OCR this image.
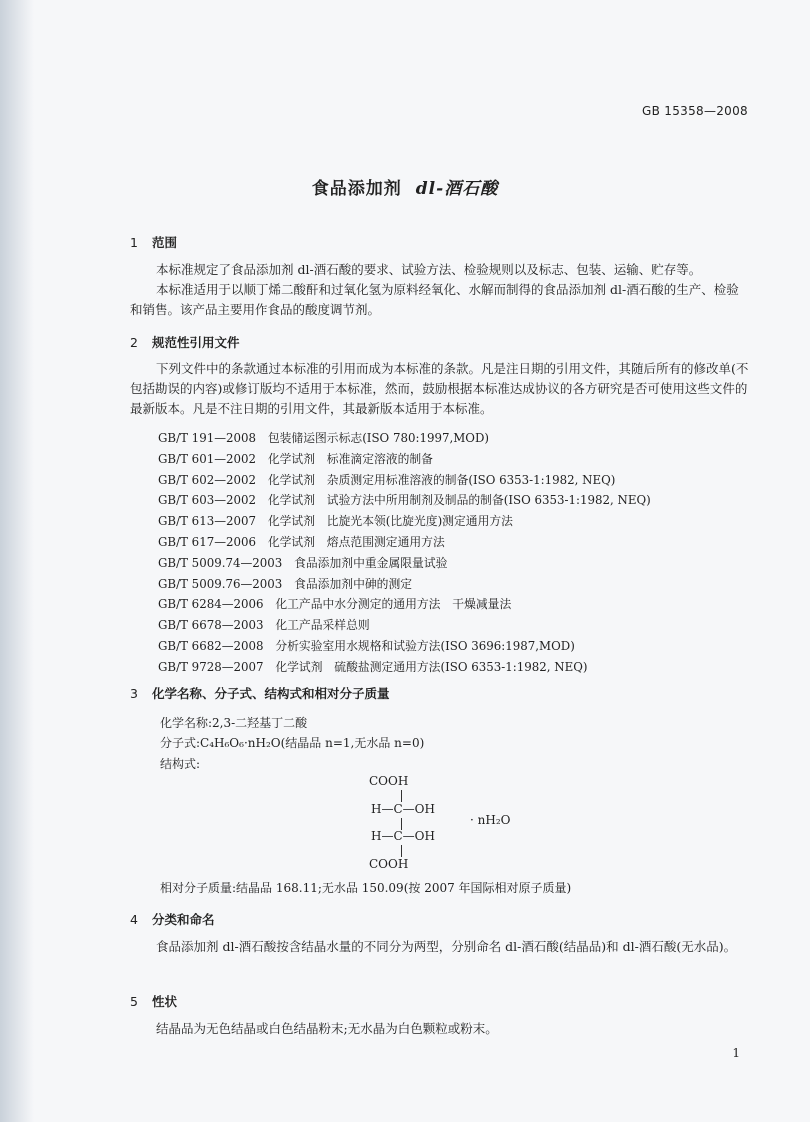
GB 15358—2008
食品添加剂 dl-酒石酸
1 范围
本标准规定了食品添加剂 dl-酒石酸的要求、试验方法、检验规则以及标志、包装、运输、贮存等。
本标准适用于以顺丁烯二酸酐和过氧化氢为原料经氧化、水解而制得的食品添加剂 dl-酒石酸的生产、检验和销售。该产品主要用作食品的酸度调节剂。
2 规范性引用文件
下列文件中的条款通过本标准的引用而成为本标准的条款。凡是注日期的引用文件，其随后所有的修改单(不包括勘误的内容)或修订版均不适用于本标准，然而，鼓励根据本标准达成协议的各方研究是否可使用这些文件的最新版本。凡是不注日期的引用文件，其最新版本适用于本标准。
GB/T 191—2008　包装储运图示标志(ISO 780:1997,MOD)
GB/T 601—2002　化学试剂　标准滴定溶液的制备
GB/T 602—2002　化学试剂　杂质测定用标准溶液的制备(ISO 6353-1:1982, NEQ)
GB/T 603—2002　化学试剂　试验方法中所用制剂及制品的制备(ISO 6353-1:1982, NEQ)
GB/T 613—2007　化学试剂　比旋光本领(比旋光度)测定通用方法
GB/T 617—2006　化学试剂　熔点范围测定通用方法
GB/T 5009.74—2003　食品添加剂中重金属限量试验
GB/T 5009.76—2003　食品添加剂中砷的测定
GB/T 6284—2006　化工产品中水分测定的通用方法　干燥减量法
GB/T 6678—2003　化工产品采样总则
GB/T 6682—2008　分析实验室用水规格和试验方法(ISO 3696:1987,MOD)
GB/T 9728—2007　化学试剂　硫酸盐测定通用方法(ISO 6353-1:1982, NEQ)
3 化学名称、分子式、结构式和相对分子质量
化学名称:2,3-二羟基丁二酸
分子式:C₄H₆O₆·nH₂O(结晶品 n=1,无水品 n=0)
结构式:
COOH
H—C—OH
H—C—OH
COOH
· nH₂O
相对分子质量:结晶品 168.11;无水品 150.09(按 2007 年国际相对原子质量)
4 分类和命名
食品添加剂 dl-酒石酸按含结晶水量的不同分为两型，分别命名 dl-酒石酸(结晶品)和 dl-酒石酸(无水品)。
5 性状
结晶品为无色结晶或白色结晶粉末;无水晶为白色颗粒或粉末。
1
